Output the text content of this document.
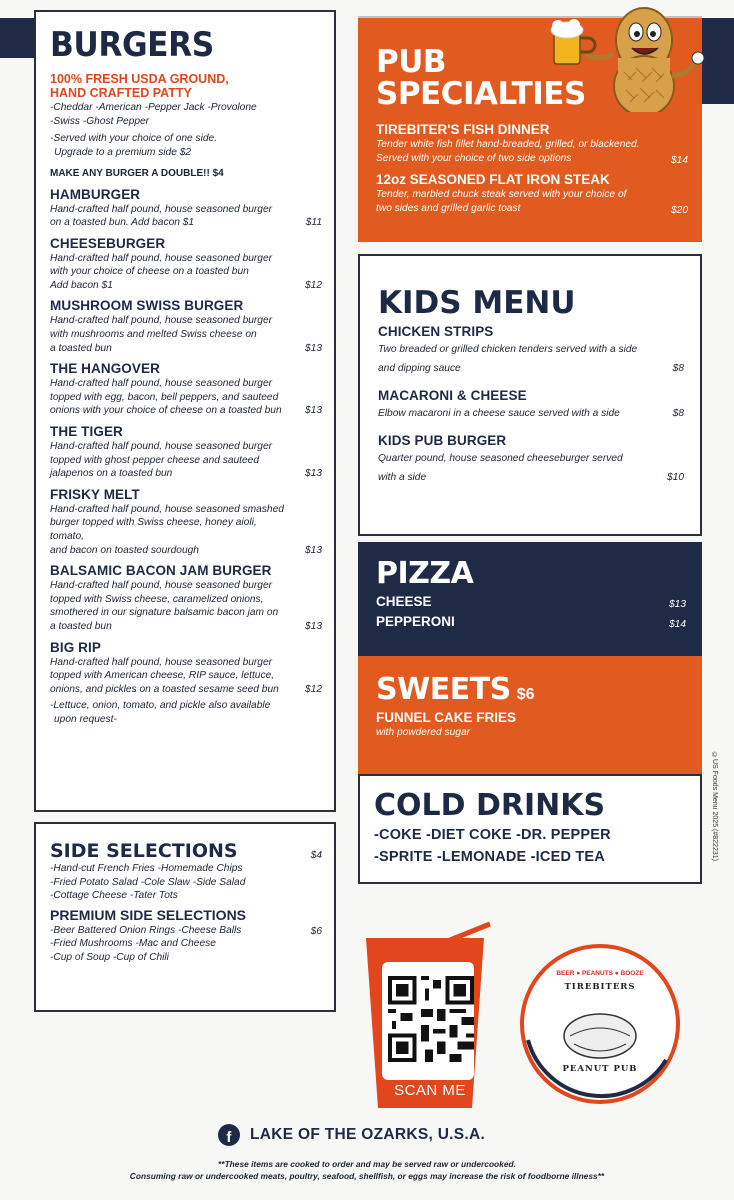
BURGERS
100% FRESH USDA GROUND,
HAND CRAFTED PATTY
-Cheddar -American -Pepper Jack -Provolone
-Swiss -Ghost Pepper
-Served with your choice of one side.
Upgrade to a premium side $2
MAKE ANY BURGER A DOUBLE!! $4
HAMBURGER
Hand-crafted half pound, house seasoned burger
on a toasted bun. Add bacon $1	$11
CHEESEBURGER
Hand-crafted half pound, house seasoned burger
with your choice of cheese on a toasted bun
Add bacon $1	$12
MUSHROOM SWISS BURGER
Hand-crafted half pound, house seasoned burger
with mushrooms and melted Swiss cheese on
a toasted bun	$13
THE HANGOVER
Hand-crafted half pound, house seasoned burger
topped with egg, bacon, bell peppers, and sauteed
onions with your choice of cheese on a toasted bun	$13
THE TIGER
Hand-crafted half pound, house seasoned burger
topped with ghost pepper cheese and sauteed
jalapenos on a toasted bun	$13
FRISKY MELT
Hand-crafted half pound, house seasoned smashed
burger topped with Swiss cheese, honey aioli, tomato,
and bacon on toasted sourdough	$13
BALSAMIC BACON JAM BURGER
Hand-crafted half pound, house seasoned burger
topped with Swiss cheese, caramelized onions,
smothered in our signature balsamic bacon jam on
a toasted bun	$13
BIG RIP
Hand-crafted half pound, house seasoned burger
topped with American cheese, RIP sauce, lettuce,
onions, and pickles on a toasted sesame seed bun	$12
-Lettuce, onion, tomato, and pickle also available
upon request-
SIDE SELECTIONS	$4
-Hand-cut French Fries -Homemade Chips
-Fried Potato Salad -Cole Slaw -Side Salad
-Cottage Cheese -Tater Tots
PREMIUM SIDE SELECTIONS
$6
-Beer Battered Onion Rings -Cheese Balls
-Fried Mushrooms -Mac and Cheese
-Cup of Soup -Cup of Chili
PUB
SPECIALTIES
TIREBITER'S FISH DINNER
Tender white fish fillet hand-breaded, grilled, or blackened.
Served with your choice of two side options	$14
12oz SEASONED FLAT IRON STEAK
Tender, marbled chuck steak served with your choice of
two sides and grilled garlic toast	$20
KIDS MENU
CHICKEN STRIPS
Two breaded or grilled chicken tenders served with a side
and dipping sauce	$8
MACARONI & CHEESE
Elbow macaroni in a cheese sauce served with a side	$8
KIDS PUB BURGER
Quarter pound, house seasoned cheeseburger served
with a side	$10
PIZZA
CHEESE	$13
PEPPERONI	$14
SWEETS $6
FUNNEL CAKE FRIES
with powdered sugar
COLD DRINKS
-COKE -DIET COKE -DR. PEPPER
-SPRITE -LEMONADE -ICED TEA	©US Foods Menu 2025 (#822231)
SCAN ME
BEER ● PEANUTS ● BOOZE
TIREBITERS
PEANUT PUB
f	LAKE OF THE OZARKS, U.S.A.
**These items are cooked to order and may be served raw or undercooked.
Consuming raw or undercooked meats, poultry, seafood, shellfish, or eggs may increase the risk of foodborne illness**
